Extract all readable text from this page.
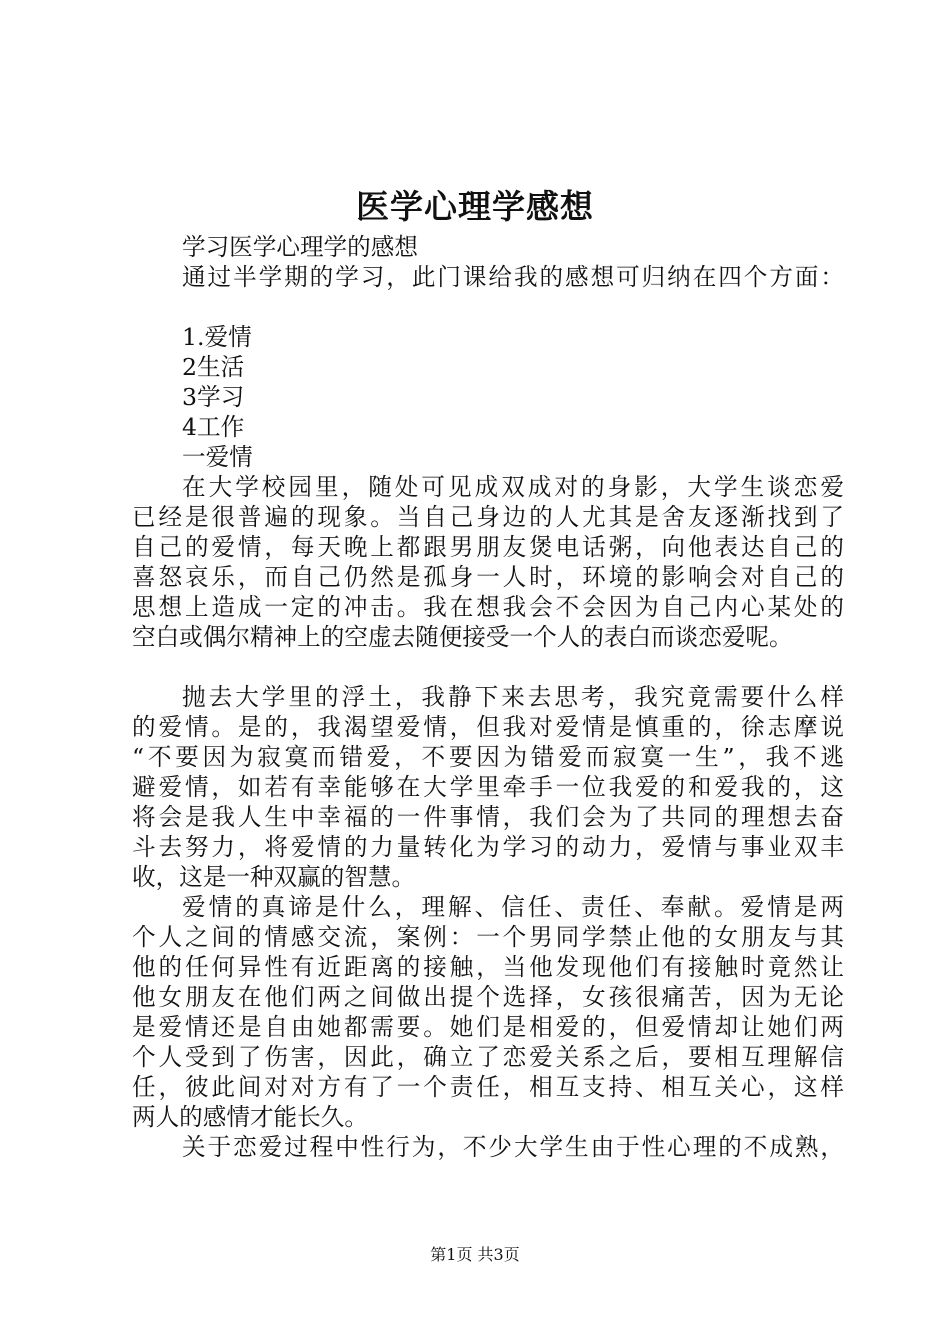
医学心理学感想
学习医学心理学的感想
通过半学期的学习，此门课给我的感想可归纳在四个方面：
1.爱情
2生活
3学习
4工作
一爱情
在大学校园里，随处可见成双成对的身影，大学生谈恋爱
已经是很普遍的现象。当自己身边的人尤其是舍友逐渐找到了
自己的爱情，每天晚上都跟男朋友煲电话粥，向他表达自己的
喜怒哀乐，而自己仍然是孤身一人时，环境的影响会对自己的
思想上造成一定的冲击。我在想我会不会因为自己内心某处的
空白或偶尔精神上的空虚去随便接受一个人的表白而谈恋爱呢。
抛去大学里的浮土，我静下来去思考，我究竟需要什么样
的爱情。是的，我渴望爱情，但我对爱情是慎重的，徐志摩说
“不要因为寂寞而错爱，不要因为错爱而寂寞一生”，我不逃
避爱情，如若有幸能够在大学里牵手一位我爱的和爱我的，这
将会是我人生中幸福的一件事情，我们会为了共同的理想去奋
斗去努力，将爱情的力量转化为学习的动力，爱情与事业双丰
收，这是一种双赢的智慧。
爱情的真谛是什么，理解、信任、责任、奉献。爱情是两
个人之间的情感交流，案例：一个男同学禁止他的女朋友与其
他的任何异性有近距离的接触，当他发现他们有接触时竟然让
他女朋友在他们两之间做出提个选择，女孩很痛苦，因为无论
是爱情还是自由她都需要。她们是相爱的，但爱情却让她们两
个人受到了伤害，因此，确立了恋爱关系之后，要相互理解信
任，彼此间对对方有了一个责任，相互支持、相互关心，这样
两人的感情才能长久。
关于恋爱过程中性行为，不少大学生由于性心理的不成熟，
第1页 共3页
